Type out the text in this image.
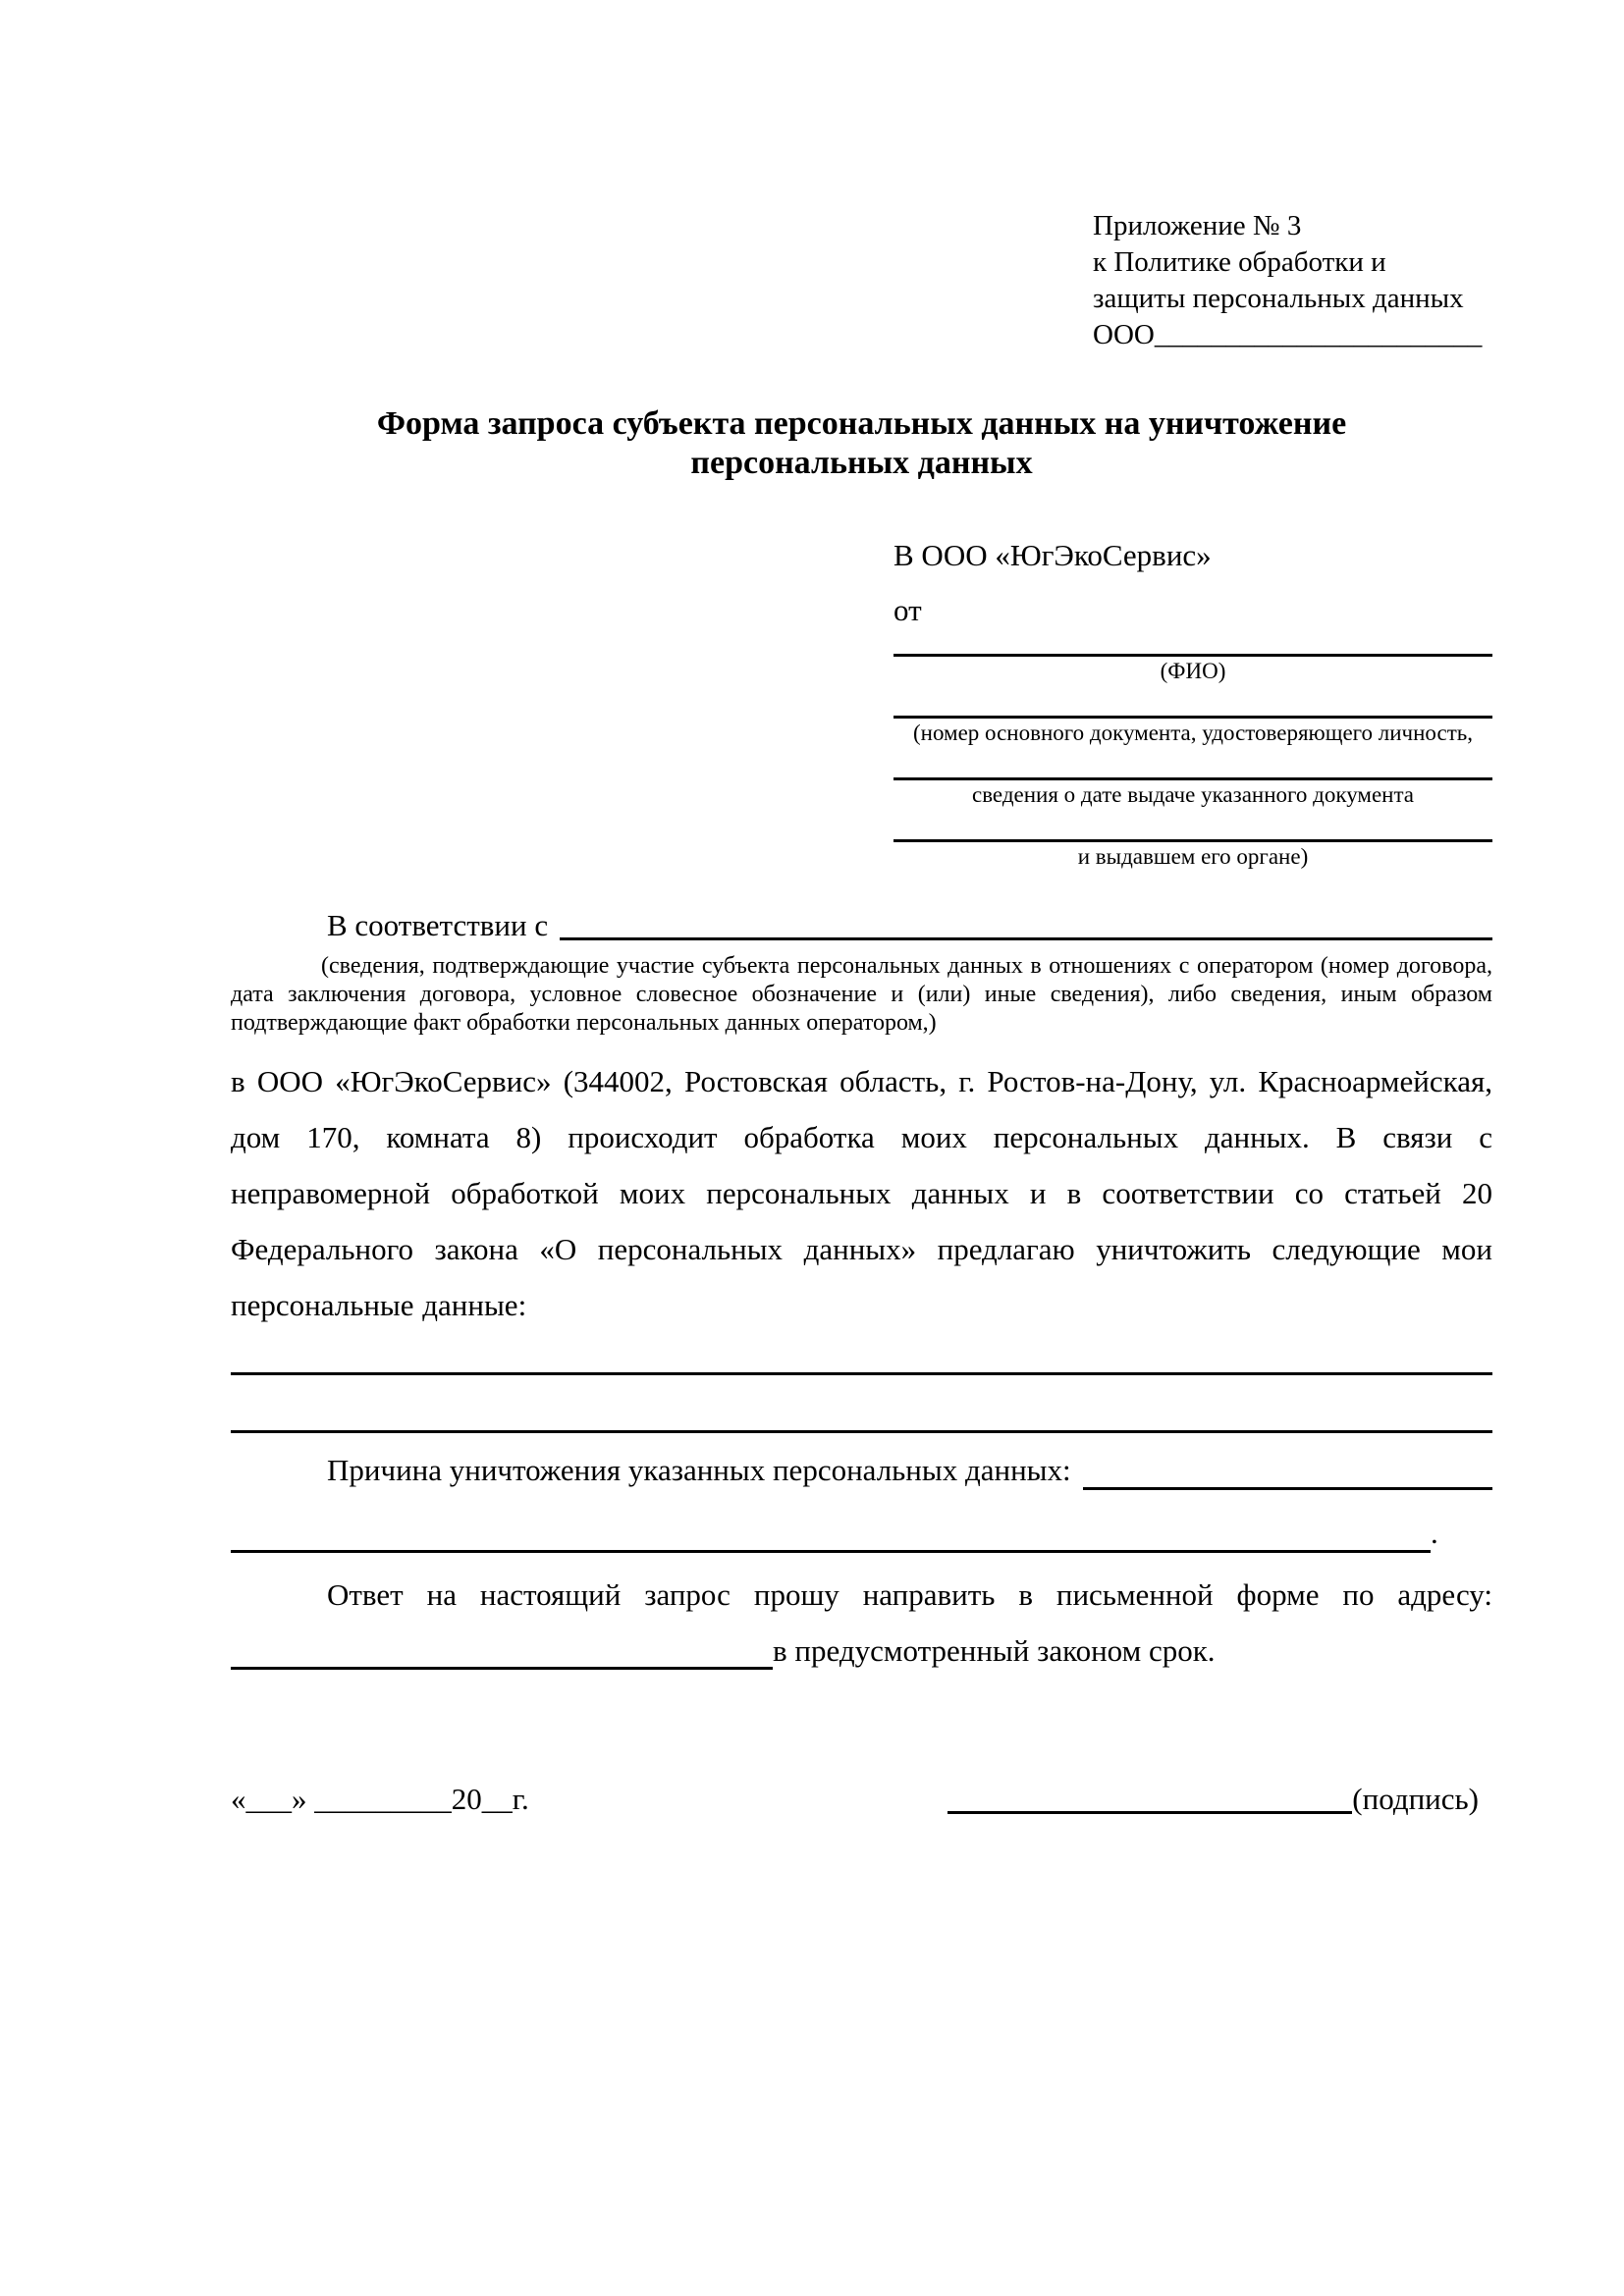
Приложение № 3
к Политике обработки и
защиты персональных данных
ООО_______________________
Форма запроса субъекта персональных данных на уничтожение персональных данных
В ООО «ЮгЭкоСервис»
от
(ФИО)
(номер основного документа, удостоверяющего личность,
сведения о дате выдаче указанного документа
и выдавшем его органе)
В соответствии с
(сведения, подтверждающие участие субъекта персональных данных в отношениях с оператором (номер договора, дата заключения договора, условное словесное обозначение и (или) иные сведения), либо сведения, иным образом подтверждающие факт обработки персональных данных оператором,)

в ООО «ЮгЭкоСервис» (344002, Ростовская область, г. Ростов-на-Дону, ул. Красноармейская, дом 170, комната 8) происходит обработка моих персональных данных. В связи с неправомерной обработкой моих персональных данных и в соответствии со статьей 20 Федерального закона «О персональных данных» предлагаю уничтожить следующие мои персональные данные:

Причина уничтожения указанных персональных данных:
.
Ответ на настоящий запрос прошу направить в письменной форме по адресу:
в предусмотренный законом срок.
«___» _________20__г.	(подпись)
